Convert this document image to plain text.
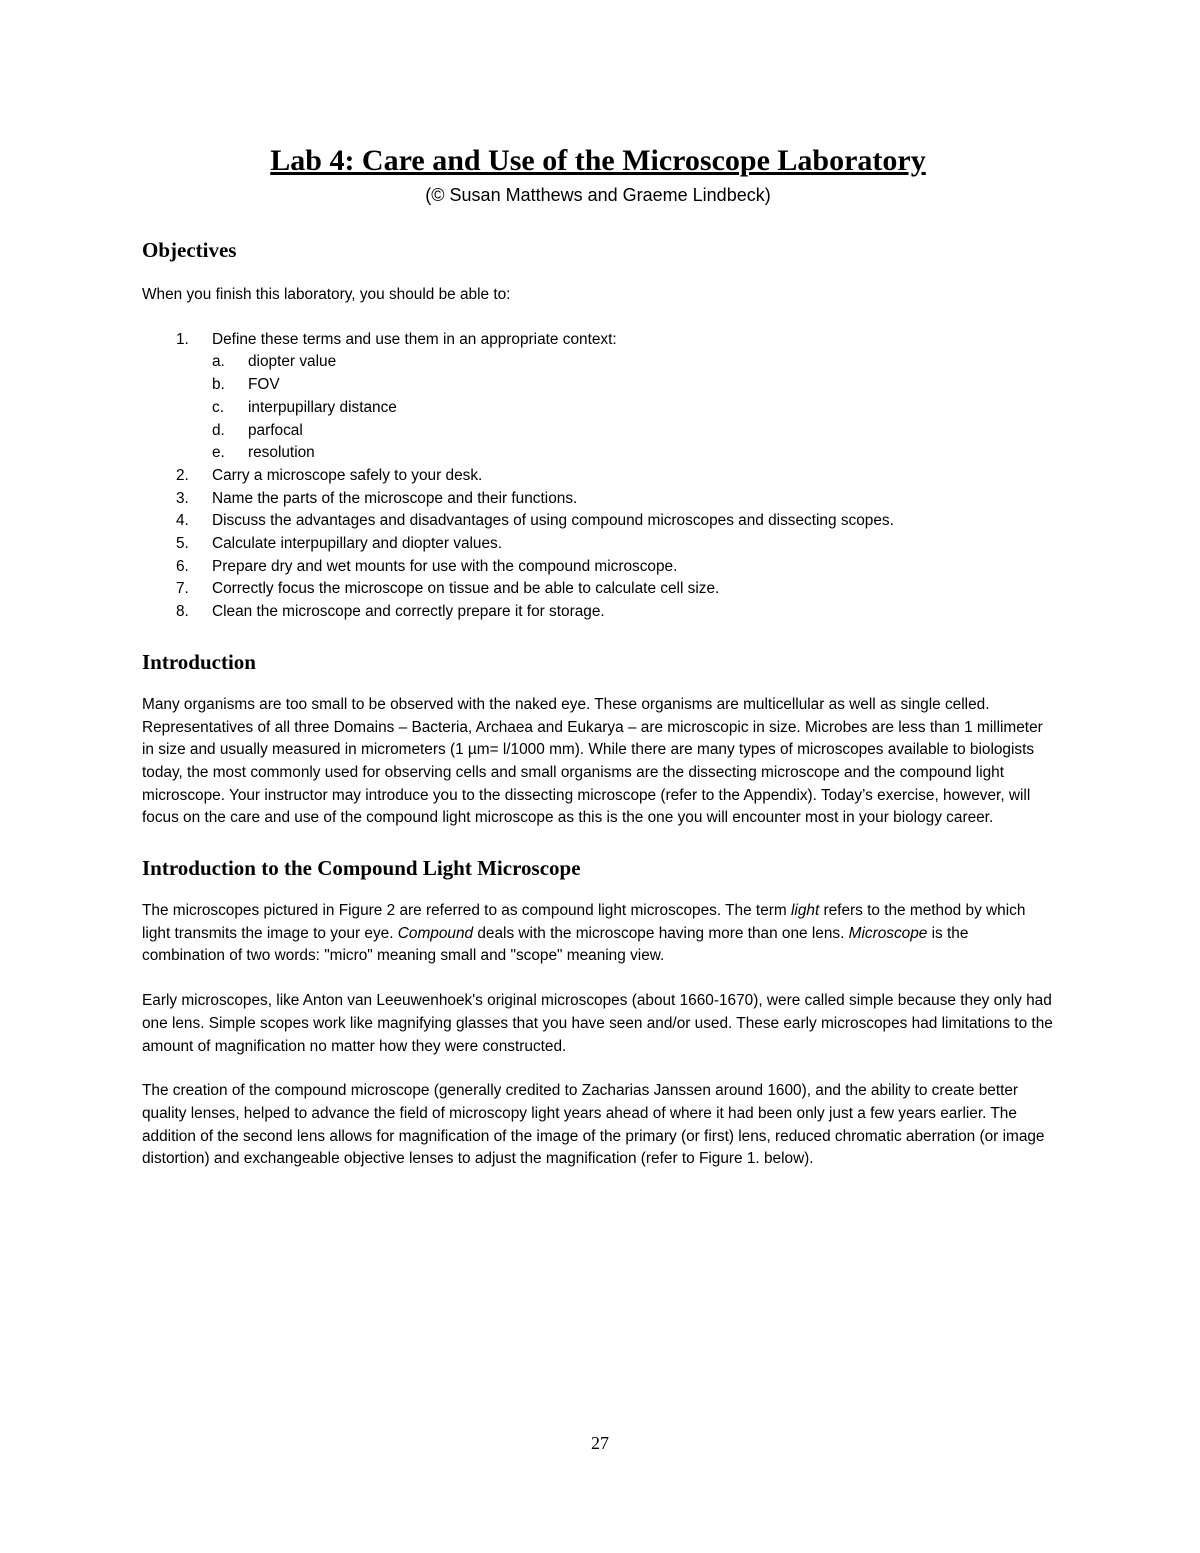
Lab 4: Care and Use of the Microscope Laboratory

(© Susan Matthews and Graeme Lindbeck)

Objectives

When you finish this laboratory, you should be able to:

1. Define these terms and use them in an appropriate context:
a. diopter value
b. FOV
c. interpupillary distance
d. parfocal
e. resolution
2. Carry a microscope safely to your desk.
3. Name the parts of the microscope and their functions.
4. Discuss the advantages and disadvantages of using compound microscopes and dissecting scopes.
5. Calculate interpupillary and diopter values.
6. Prepare dry and wet mounts for use with the compound microscope.
7. Correctly focus the microscope on tissue and be able to calculate cell size.
8. Clean the microscope and correctly prepare it for storage.
Introduction

Many organisms are too small to be observed with the naked eye. These organisms are multicellular as well as single celled. Representatives of all three Domains – Bacteria, Archaea and Eukarya – are microscopic in size. Microbes are less than 1 millimeter in size and usually measured in micrometers (1 µm= l/1000 mm). While there are many types of microscopes available to biologists today, the most commonly used for observing cells and small organisms are the dissecting microscope and the compound light microscope. Your instructor may introduce you to the dissecting microscope (refer to the Appendix). Today’s exercise, however, will focus on the care and use of the compound light microscope as this is the one you will encounter most in your biology career.

Introduction to the Compound Light Microscope

The microscopes pictured in Figure 2 are referred to as compound light microscopes. The term light refers to the method by which light transmits the image to your eye. Compound deals with the microscope having more than one lens. Microscope is the combination of two words: "micro" meaning small and "scope" meaning view.

Early microscopes, like Anton van Leeuwenhoek's original microscopes (about 1660-1670), were called simple because they only had one lens. Simple scopes work like magnifying glasses that you have seen and/or used. These early microscopes had limitations to the amount of magnification no matter how they were constructed.

The creation of the compound microscope (generally credited to Zacharias Janssen around 1600), and the ability to create better quality lenses, helped to advance the field of microscopy light years ahead of where it had been only just a few years earlier. The addition of the second lens allows for magnification of the image of the primary (or first) lens, reduced chromatic aberration (or image distortion) and exchangeable objective lenses to adjust the magnification (refer to Figure 1. below).

27
